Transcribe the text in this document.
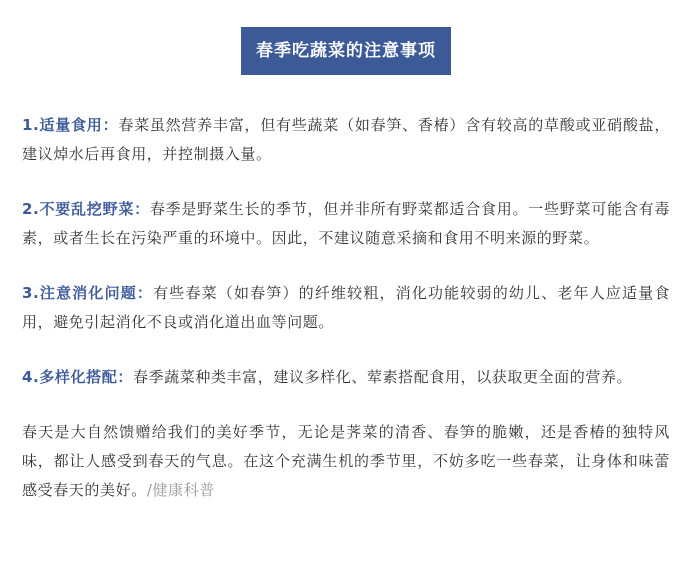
春季吃蔬菜的注意事项

1.适量食用：春菜虽然营养丰富，但有些蔬菜（如春笋、香椿）含有较高的草酸或亚硝酸盐，建议焯水后再食用，并控制摄入量。

2.不要乱挖野菜：春季是野菜生长的季节，但并非所有野菜都适合食用。一些野菜可能含有毒素，或者生长在污染严重的环境中。因此，不建议随意采摘和食用不明来源的野菜。

3.注意消化问题：有些春菜（如春笋）的纤维较粗，消化功能较弱的幼儿、老年人应适量食用，避免引起消化不良或消化道出血等问题。

4.多样化搭配：春季蔬菜种类丰富，建议多样化、荤素搭配食用，以获取更全面的营养。

春天是大自然馈赠给我们的美好季节，无论是荠菜的清香、春笋的脆嫩，还是香椿的独特风味，都让人感受到春天的气息。在这个充满生机的季节里，不妨多吃一些春菜，让身体和味蕾感受春天的美好。/健康科普
